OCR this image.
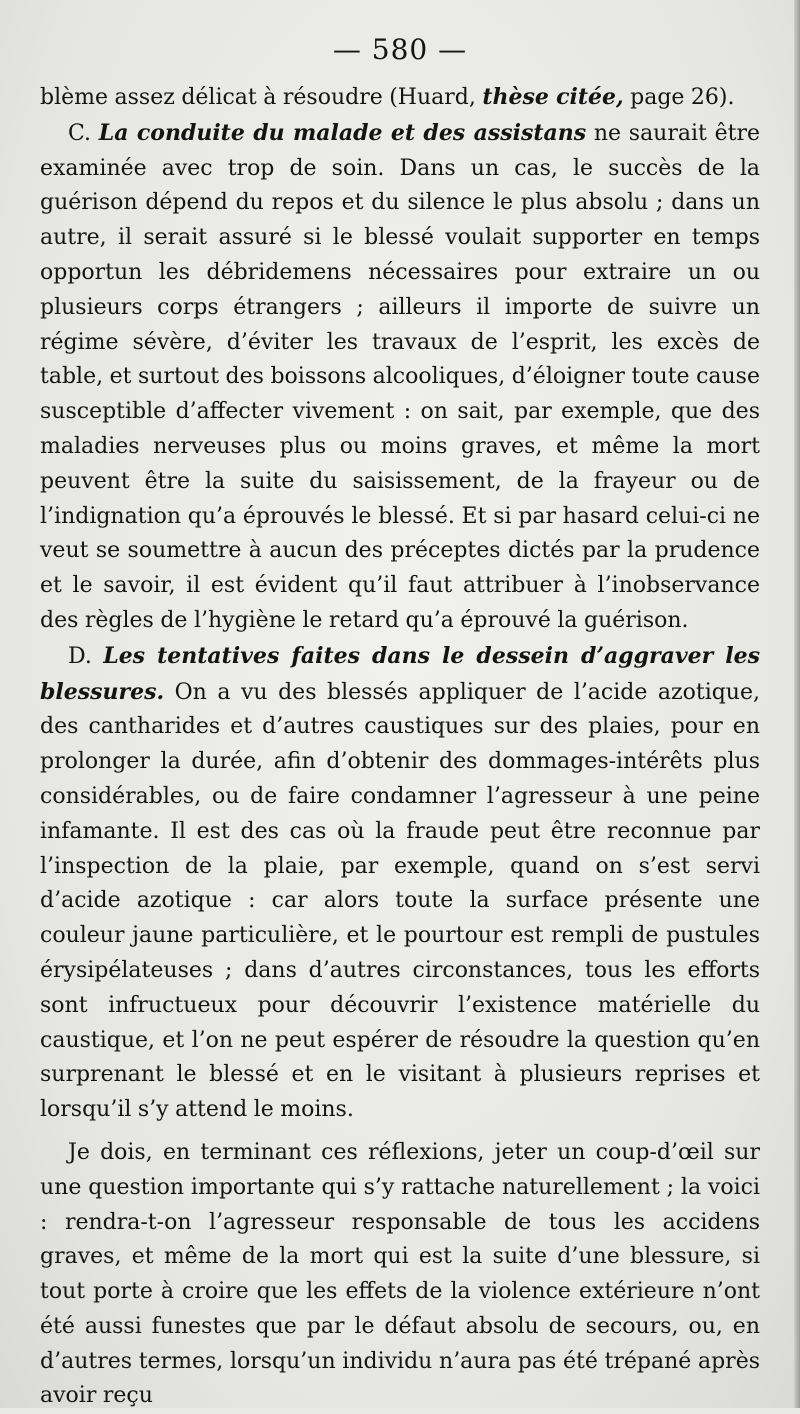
— 580 —

blème assez délicat à résoudre (Huard, thèse citée, page 26).

C. La conduite du malade et des assistans ne saurait être examinée avec trop de soin. Dans un cas, le succès de la guérison dépend du repos et du silence le plus absolu ; dans un autre, il serait assuré si le blessé voulait supporter en temps opportun les débridemens nécessaires pour extraire un ou plusieurs corps étrangers ; ailleurs il importe de suivre un régime sévère, d’éviter les travaux de l’esprit, les excès de table, et surtout des boissons alcooliques, d’éloigner toute cause susceptible d’affecter vivement : on sait, par exemple, que des maladies nerveuses plus ou moins graves, et même la mort peuvent être la suite du saisissement, de la frayeur ou de l’indignation qu’a éprouvés le blessé. Et si par hasard celui-ci ne veut se soumettre à aucun des préceptes dictés par la prudence et le savoir, il est évident qu’il faut attribuer à l’inobservance des règles de l’hygiène le retard qu’a éprouvé la guérison.

D. Les tentatives faites dans le dessein d’aggraver les blessures. On a vu des blessés appliquer de l’acide azotique, des cantharides et d’autres caustiques sur des plaies, pour en prolonger la durée, afin d’obtenir des dommages-intérêts plus considérables, ou de faire condamner l’agresseur à une peine infamante. Il est des cas où la fraude peut être reconnue par l’inspection de la plaie, par exemple, quand on s’est servi d’acide azotique : car alors toute la surface présente une couleur jaune particulière, et le pourtour est rempli de pustules érysipélateuses ; dans d’autres circonstances, tous les efforts sont infructueux pour découvrir l’existence matérielle du caustique, et l’on ne peut espérer de résoudre la question qu’en surprenant le blessé et en le visitant à plusieurs reprises et lorsqu’il s’y attend le moins.

Je dois, en terminant ces réflexions, jeter un coup-d’œil sur une question importante qui s’y rattache naturellement ; la voici : rendra-t-on l’agresseur responsable de tous les accidens graves, et même de la mort qui est la suite d’une blessure, si tout porte à croire que les effets de la violence extérieure n’ont été aussi funestes que par le défaut absolu de secours, ou, en d’autres termes, lorsqu’un individu n’aura pas été trépané après avoir reçu
